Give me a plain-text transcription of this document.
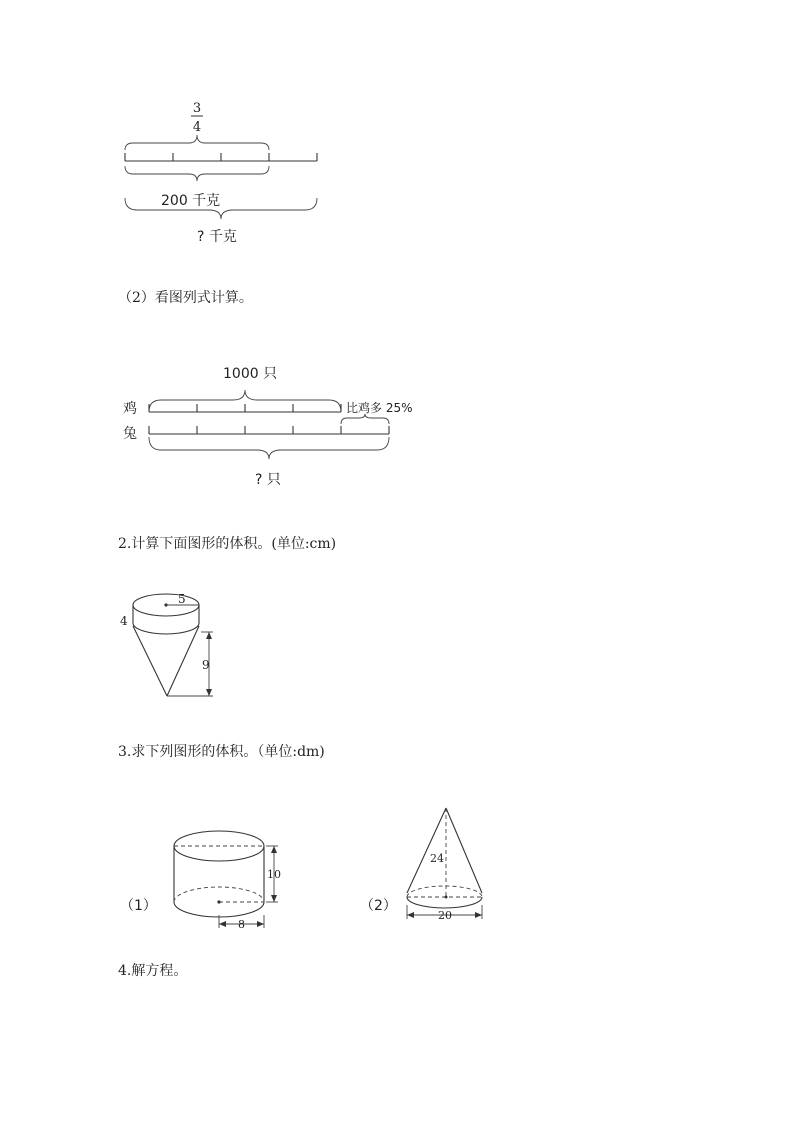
3
4
200 千克
? 千克

（2）看图列式计算。

1000 只
鸡	比鸡多 25%
兔
? 只

2.计算下面图形的体积。(单位:cm)

5
4
9

3.求下列图形的体积。（单位:dm)

（1）
10
8
（2）
24
20

4.解方程。
